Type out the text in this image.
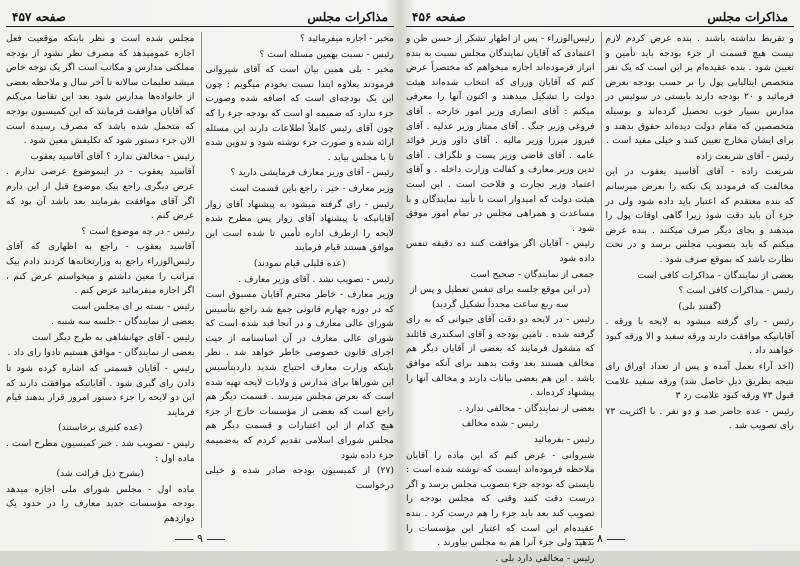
مذاکرات مجلس
صفحه ۴۵۷

مخبر - اجازه میفرمائید ؟

رئیس - نسبت بهمین مسئله است ؟

مخبر - بلی همین بیان است که آقای شیروانی فرمودند بعلاوه ابتدا نسبت بخودم میگویم : چون این یک بودجه‌ای است که اضافه شده وصورت جزء ندارد که ضمیمه او است که بودجه جزء را که چون آقای رئیس کاملاً اطلاعات دارند این مسئله ارائه شده و صورت جزء نوشته شود و تدوین شده تا با مجلس بیاید .

رئیس - آقای وزیر معارف فرمایشی دارید ؟

وزیر معارف - خیر . راجع باین قسمت است

رئیس - رای گرفته میشود به پیشنهاد آقای زوار آقایانیکه با پیشنهاد آقای زوار پس مطرح شده لایحه را ازطرف اداره تأمین تا شده است این موافق هستند قیام فرمایند

(عده قلیلی قیام نمودند)

رئیس - تصویب نشد . آقای وزیر معارف .

وزیر معارف - خاطر محترم آقایان مسبوق است که در دوره چهارم قانونی جمع شد راجع بتأسیس شورای عالی معارف و در آنجا قید شده است که شورای عالی معارف در آن اساسنامه از حیث اجرای قانون خصوصی خاطر خواهد شد . نظر باینکه وزارت معارف احتیاج شدید داردبتأسیس این شوراها برای مدارس و ولایات لایحه تهیه شده است که بعرض مجلس میرسد . قسمت دیگر هم راجع است که بعضی از مؤسسات خارج از جزء هیچ کدام از این اعتبارات و قسمت دیگر هم مجلس شورای اسلامی تقدیم کردم که به‌ضمیمه جزء داده شود

(۲۷) از کمیسیون بودجه صادر شده و خیلی درخواست

مجلس شده است و نظر بابنکه موقعیت فعل اجازه عمومیدهد که مصرف نظر نشود از بودجه مملکتی مدارس و مکاتب است اگر یک توجه خاص میشد تعلیمات سالانه تا آخر سال و ملاحظه بعضی از خانواده‌ها مدارس شود بعد این تقاضا می‌کنم که آقایان موافقت فرمایند که این کمیسیون بودجه که متحمل شده باشد که مصرف رسیده است الان جزء دستور شود که تکلیفش معین شود .

رئیس - مخالفی ندارد ؟ آقای آقاسید یعقوب

آقاسید یعقوب - در اینموضوع عرضی ندارم . عرض دیگری راجع بیک موضوع قبل از این دارم اگر آقای موافقت بفرمایند بعد باشد آن بود که عرض کنم .

رئیس - در چه موضوع است ؟

آقاسید یعقوب - راجع به اظهاری که آقای رئیس‌الوزراء راجع به وزارتخانه‌ها کردند دادم بیک مراتب را معین داشتم و میخواستم عرض کنم ، اگر اجازه میفرمائید عرض کنم .

رئیس - بسته بر ای مجلس است

بعضی از نمایندگان - جلسه سه شنبه .

رئیس - آقای جهانشاهی به طرح دیگر است

بعضی از نمایندگان - موافق هستیم تادوا رای داد .

رئیس - آقایان قسمتی که اشاره کرده شود تا دادن رای گیری شود . آقایانیکه موافقت دارند که این دو لایحه را جزء دستور امروز قرار بدهند قیام فرمایند

(عده کثیری برخاستند)

رئیس - تصویب شد . خبر کمیسیون مطرح است . ماده اول :

(بشرح ذیل قرائت شد)

ماده اول - مجلس شورای ملی اجازه میدهد بودجه مؤسسات جدید معارف را در حدود یک دوازدهم

۹
مذاکرات مجلس
صفحه ۴۵۶

و تقربط نداشته باشند . بنده عرض کردم لازم نیست هیچ قسمت از جزء بودجه باید تأمین و تعیین شود . بنده عقیده‌ام بر این است که یک نفر متخصص ایتالیایی پول را بر حسب بودجه بعرض فرمائید و ۲۰ بودجه دارند بایستی در سوئیس در مدارس بسیار خوب تحصیل کرده‌اند و بوسیله متخصصین که مقام دولت دیده‌اند حقوق بدهند و برای ایشان مخارج تعیین کنند و خیلی مفید است .

رئیس - آقای شریعت زاده

شریعت زاده - آقای آقاسید یعقوب در این مخالفت که فرمودند یک نکته را بعرض میرسانم که بنده معتقدم که اعتبار باید داده شود ولی در جزء آن باید دقت شود زیرا گاهی اوقات پول را میدهند و بجای دیگر صرف میکنند . بنده عرض میکنم که باید بتصویب مجلس برسد و در تحت نظارت باشد که بموقع صرف شود .

بعضی از نمایندگان - مذاکرات کافی است

رئیس - مذاکرات کافی است ؟

(گفتند بلی)

رئیس - رای گرفته میشود به لایحه با ورقه . آقایانیکه موافقت دارند ورقه سفید و الا ورقه کبود خواهند داد .

(اخذ آراء بعمل آمده و پس از تعداد اوراق رای نتیجه بطریق ذیل حاصل شد) ورقه سفید علامت قبول ۷۳ ورقه کبود علامت رد ۳

رئیس - عده حاضر صد و دو نفر . با اکثریت ۷۳ رای تصویب شد .

رئیس‌الوزراء - پس از اظهار تشکر از حسن ظن و اعتمادی که آقایان نمایندگان مجلس نسبت به بنده ابراز فرموده‌اند اجازه میخواهم که مختصراً عرض کنم که آقایان وزرای که انتخاب شده‌اند هیئت دولت را تشکیل میدهند و اکنون آنها را معرفی میکنم : آقای انصاری وزیر امور خارجه . آقای فروغی وزیر جنگ . آقای ممتاز وزیر عدلیه . آقای فیروز میرزا وزیر مالیه . آقای داور وزیر فوائد عامه . آقای قاضی وزیر پست و تلگراف . آقای تدین وزیر معارف و کفالت وزارت داخله . و آقای اعتماد وزیر تجارت و فلاحت است . این است هیئت دولت که امیدوار است با تأیید نمایندگان و با مساعدت و همراهی مجلس در تمام امور موفق شود .

رئیس - آقایان اگر موافقت کنند ده دقیقه تنفس داده شود

جمعی از نمایندگان - صحیح است

(در این موقع جلسه برای تنفس تعطیل و پس از سه ربع ساعت مجدداً تشکیل گردید)

رئیس - در لایحه دو دقت آقای حیوانی که به رای گرفته شده . تامین بودجه و آقای اسکندری قائلند که مشغول فرمایند که بعضی از آقایان دیگر هم مخالف هستند بعد وقت بدهند برای آنکه موافق باشد . این هم بعضی بیانات دارند و مخالف آنها را پیشنهاد کرده‌اند .

بعضی از نمایندگان - مخالفی ندارد .

رئیس - شده مخالف

رئیس - بفرمائید

شیروانی - عرض کنم که این ماده را آقایان ملاحظه فرموده‌اند اینست که نوشته شده است : بایستی که بودجه جزء بتصویب مجلس برسد و اگر درست دقت کنید وقتی که مجلس بودجه را تصویب کند بعد باید جزء را هم درست کرد . بنده عقیده‌ام این است که اعتبار این مؤسسات را بدهید ولی جزء آنرا هم به مجلس بیاورند .

رئیس - مخالفی دارد بلی .

۸
